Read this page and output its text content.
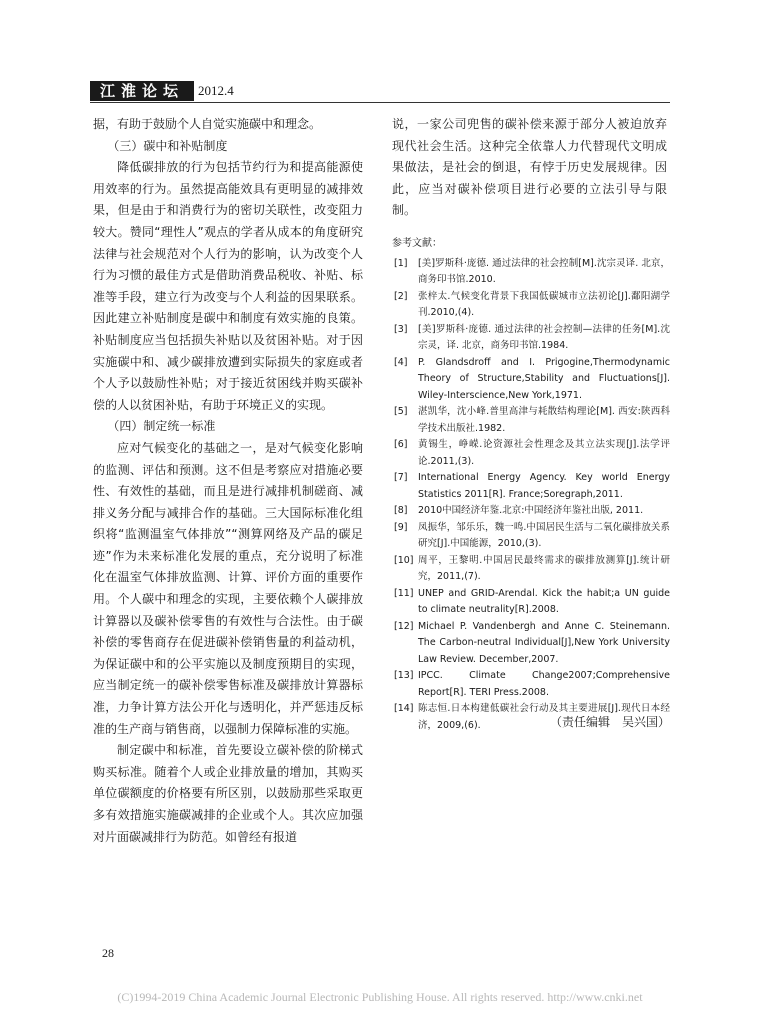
江淮论坛	2012.4

据，有助于鼓励个人自觉实施碳中和理念。

（三）碳中和补贴制度

降低碳排放的行为包括节约行为和提高能源使用效率的行为。虽然提高能效具有更明显的减排效果，但是由于和消费行为的密切关联性，改变阻力较大。赞同“理性人”观点的学者从成本的角度研究法律与社会规范对个人行为的影响，认为改变个人行为习惯的最佳方式是借助消费品税收、补贴、标准等手段，建立行为改变与个人利益的因果联系。因此建立补贴制度是碳中和制度有效实施的良策。补贴制度应当包括损失补贴以及贫困补贴。对于因实施碳中和、减少碳排放遭到实际损失的家庭或者个人予以鼓励性补贴；对于接近贫困线并购买碳补偿的人以贫困补贴，有助于环境正义的实现。

（四）制定统一标准

应对气候变化的基础之一，是对气候变化影响的监测、评估和预测。这不但是考察应对措施必要性、有效性的基础，而且是进行减排机制磋商、减排义务分配与减排合作的基础。三大国际标准化组织将“监测温室气体排放”“测算网络及产品的碳足迹”作为未来标准化发展的重点，充分说明了标准化在温室气体排放监测、计算、评价方面的重要作用。个人碳中和理念的实现，主要依赖个人碳排放计算器以及碳补偿零售的有效性与合法性。由于碳补偿的零售商存在促进碳补偿销售量的利益动机，为保证碳中和的公平实施以及制度预期目的实现，应当制定统一的碳补偿零售标准及碳排放计算器标准，力争计算方法公开化与透明化，并严惩违反标准的生产商与销售商，以强制力保障标准的实施。

制定碳中和标准，首先要设立碳补偿的阶梯式购买标准。随着个人或企业排放量的增加，其购买单位碳额度的价格要有所区别，以鼓励那些采取更多有效措施实施碳减排的企业或个人。其次应加强对片面碳减排行为防范。如曾经有报道

说，一家公司兜售的碳补偿来源于部分人被迫放弃现代社会生活。这种完全依靠人力代替现代文明成果做法，是社会的倒退，有悖于历史发展规律。因此，应当对碳补偿项目进行必要的立法引导与限制。

参考文献：
[1]	[美]罗斯科·庞德. 通过法律的社会控制[M].沈宗灵译. 北京，商务印书馆.2010.
[2]	张梓太.气候变化背景下我国低碳城市立法初论[J].鄱阳湖学刊.2010,(4).
[3]	[美]罗斯科·庞德. 通过法律的社会控制—法律的任务[M].沈宗灵，译. 北京，商务印书馆.1984.
[4]	P. Glandsdroff and I. Prigogine,Thermodynamic Theory of Structure,Stability and Fluctuations[J]. Wiley-Interscience,New York,1971.
[5]	湛凯华，沈小峰.普里高津与耗散结构理论[M]. 西安:陕西科学技术出版社.1982.
[6]	黄锡生，峥嵘.论资源社会性理念及其立法实现[J].法学评论.2011,(3).
[7]	International Energy Agency. Key world Energy Statistics 2011[R]. France;Soregraph,2011.
[8]	2010中国经济年鉴.北京:中国经济年鉴社出版, 2011.
[9]	凤振华，邹乐乐，魏一鸣.中国居民生活与二氧化碳排放关系研究[J].中国能源，2010,(3).
[10] 周平，王黎明.中国居民最终需求的碳排放测算[J].统计研究，2011,(7).
[11] UNEP and GRID-Arendal. Kick the habit;a UN guide to climate neutrality[R].2008.
[12] Michael P. Vandenbergh and Anne C. Steinemann. The Carbon-neutral Individual[J],New York University Law Review. December,2007.
[13] IPCC. Climate Change2007;Comprehensive Report[R]. TERI Press.2008.
[14] 陈志恒.日本构建低碳社会行动及其主要进展[J].现代日本经济，2009,(6).	（责任编辑　吴兴国）
28
(C)1994-2019 China Academic Journal Electronic Publishing House. All rights reserved. http://www.cnki.net
